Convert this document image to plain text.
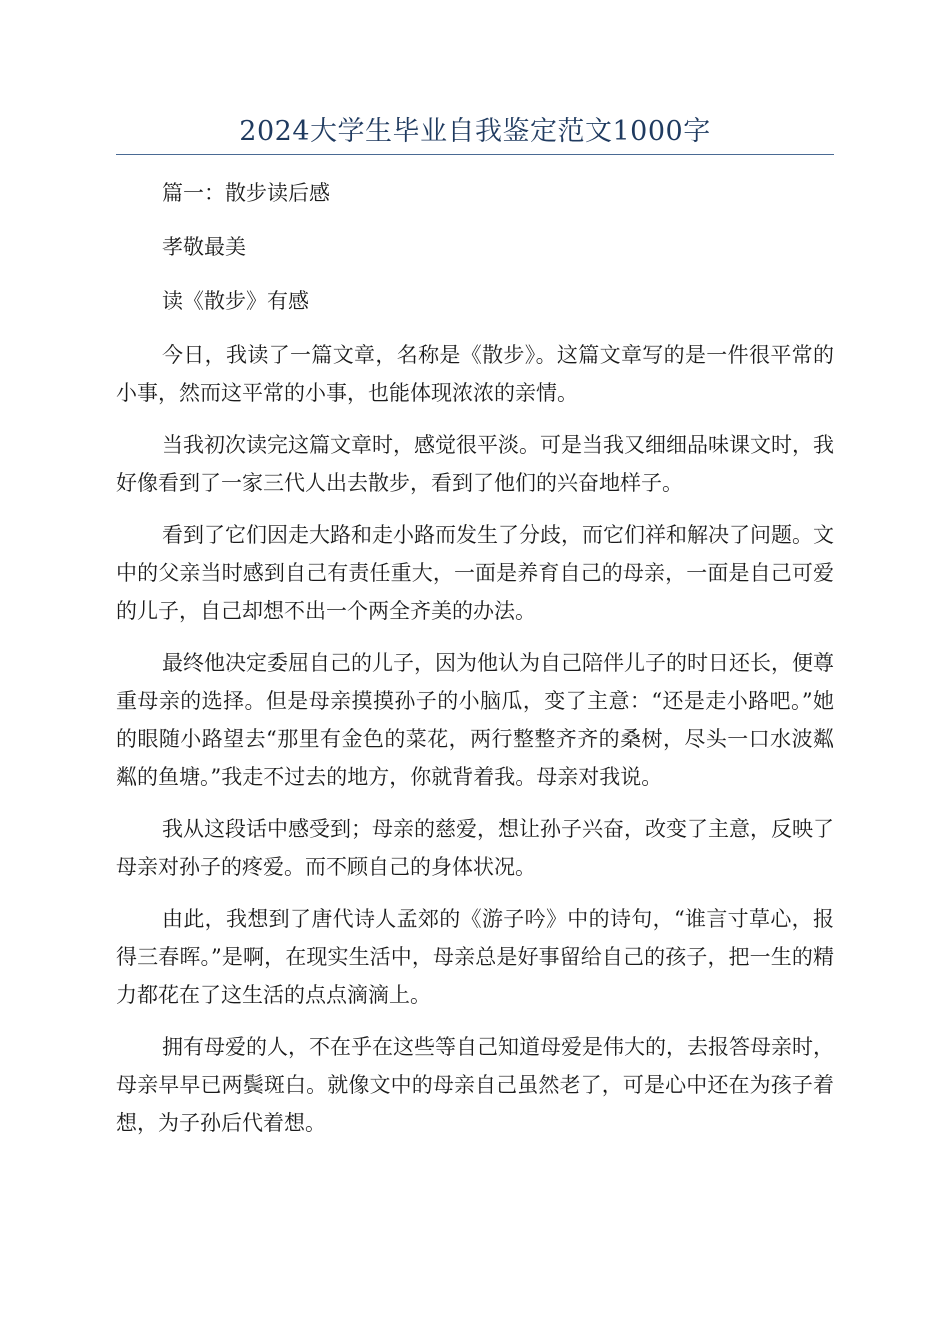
2024大学生毕业自我鉴定范文1000字

篇一：散步读后感

孝敬最美

读《散步》有感

今日，我读了一篇文章，名称是《散步》。这篇文章写的是一件很平常的小事，然而这平常的小事，也能体现浓浓的亲情。

当我初次读完这篇文章时，感觉很平淡。可是当我又细细品味课文时，我好像看到了一家三代人出去散步，看到了他们的兴奋地样子。

看到了它们因走大路和走小路而发生了分歧，而它们祥和解决了问题。文中的父亲当时感到自己有责任重大，一面是养育自己的母亲，一面是自己可爱的儿子，自己却想不出一个两全齐美的办法。

最终他决定委屈自己的儿子，因为他认为自己陪伴儿子的时日还长，便尊重母亲的选择。但是母亲摸摸孙子的小脑瓜，变了主意：“还是走小路吧。”她的眼随小路望去“那里有金色的菜花，两行整整齐齐的桑树，尽头一口水波粼粼的鱼塘。”我走不过去的地方，你就背着我。母亲对我说。

我从这段话中感受到；母亲的慈爱，想让孙子兴奋，改变了主意，反映了母亲对孙子的疼爱。而不顾自己的身体状况。

由此，我想到了唐代诗人孟郊的《游子吟》中的诗句，“谁言寸草心，报得三春晖。”是啊，在现实生活中，母亲总是好事留给自己的孩子，把一生的精力都花在了这生活的点点滴滴上。

拥有母爱的人，不在乎在这些等自己知道母爱是伟大的，去报答母亲时，母亲早早已两鬓斑白。就像文中的母亲自己虽然老了，可是心中还在为孩子着想，为子孙后代着想。
